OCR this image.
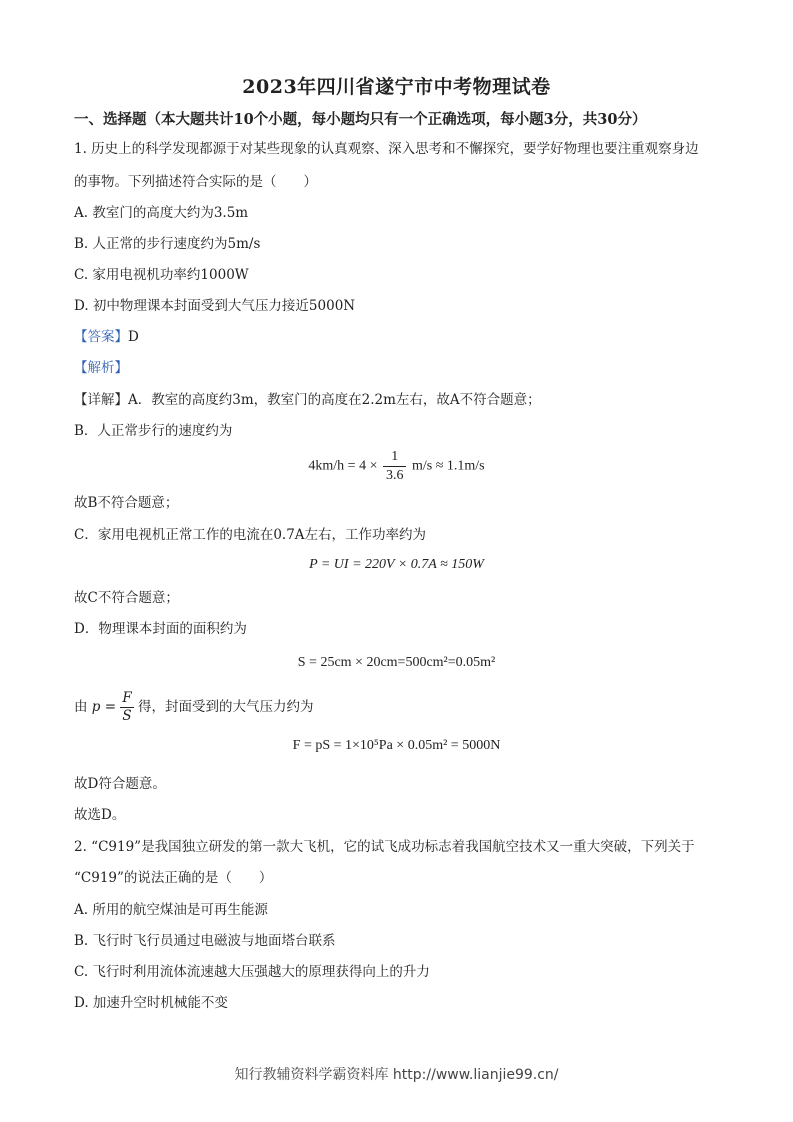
2023年四川省遂宁市中考物理试卷
一、选择题（本大题共计10个小题，每小题均只有一个正确选项，每小题3分，共30分）
1. 历史上的科学发现都源于对某些现象的认真观察、深入思考和不懈探究，要学好物理也要注重观察身边
的事物。下列描述符合实际的是（　　）
A. 教室门的高度大约为3.5m
B. 人正常的步行速度约为5m/s
C. 家用电视机功率约1000W
D. 初中物理课本封面受到大气压力接近5000N
【答案】D
【解析】
【详解】A．教室的高度约3m，教室门的高度在2.2m左右，故A不符合题意；
B．人正常步行的速度约为
$4km/h = 4 \times \frac{1}{3.6} m/s \approx 1.1m/s$
故B不符合题意；
C．家用电视机正常工作的电流在0.7A左右，工作功率约为
P = UI = 220V × 0.7A ≈ 150W
故C不符合题意；
D．物理课本封面的面积约为
S = 25cm × 20cm=500cm²=0.05m²
由 $p = \frac{F}{S}$ 得，封面受到的大气压力约为
F = pS = 1×10⁵Pa × 0.05m² = 5000N
故D符合题意。
故选D。
2. “C919”是我国独立研发的第一款大飞机，它的试飞成功标志着我国航空技术又一重大突破，下列关于
“C919”的说法正确的是（　　）
A. 所用的航空煤油是可再生能源
B. 飞行时飞行员通过电磁波与地面塔台联系
C. 飞行时利用流体流速越大压强越大的原理获得向上的升力
D. 加速升空时机械能不变
知行教辅资料学霸资料库 http://www.lianjie99.cn/
